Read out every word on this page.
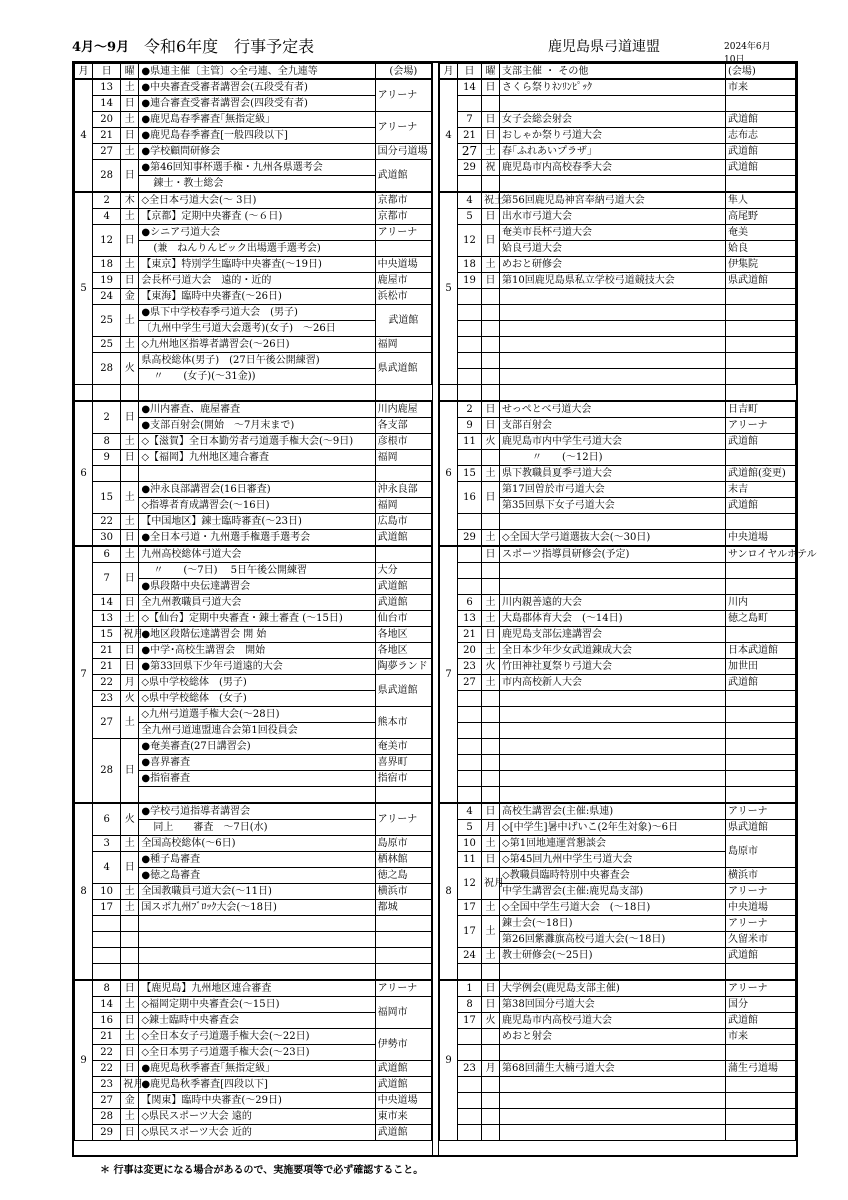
4月～9月 令和6年度　行事予定表	鹿児島県弓道連盟	2024年6月10日
月	日	曜	●県連主催〔主管〕◇全弓連、全九連等	(会場)
4	13	土	●中央審査受審者講習会(五段受有者)	アリーナ
	14	日	●連合審査受審者講習会(四段受有者)	
	20	土	●鹿児島春季審査｢無指定級｣	アリーナ
	21	日	●鹿児島春季審査[一般四段以下]	
	27	土	●学校顧問研修会	国分弓道場
	28	日	●第46回知事杯選手権・九州各県選考会	武道館
			錬士・教士総会	
5	2	木	◇全日本弓道大会(～ 3日)	京都市
	4	土	【京都】定期中央審査 (～６日)	京都市
	12	日	●シニア弓道大会	アリーナ
			(兼　ねんりんピック出場選手選考会)	
	18	土	【東京】特別学生臨時中央審査(～19日)	中央道場
	19	日	会長杯弓道大会　遠的・近的	鹿屋市
	24	金	【東海】臨時中央審査(～26日)	浜松市
	25	土	●県下中学校春季弓道大会　(男子)	武道館
			〔九州中学生弓道大会選考)(女子)　～26日	
	25	土	◇九州地区指導者講習会(～26日)	福岡
	28	火	県高校総体(男子)　(27日午後公開練習)	県武道館
			〃　　(女子)(～31金))	

6	2	日	●川内審査、鹿屋審査	川内鹿屋
			●支部百射会(開始　～7月末まで)	各支部
	8	土	◇【滋賀】全日本勤労者弓道選手権大会(～9日)	彦根市
	9	日	◇【福岡】九州地区連合審査	福岡

	15	土	●沖永良部講習会(16日審査)	沖永良部
			◇指導者育成講習会(～16日)	福岡
	22	土	【中国地区】錬士臨時審査(～23日)	広島市
	30	日	●全日本弓道・九州選手権選手選考会	武道館
7	6	土	九州高校総体弓道大会	
	7	日	〃　　(～7日)　 5日午後公開練習	大分
			●県段階中央伝達講習会	武道館
	14	日	全九州教職員弓道大会	武道館
	13	土	◇【仙台】定期中央審査・錬士審査 (～15日)	仙台市
	15	祝月	●地区段階伝達講習会 開 始	各地区
	21	日	●中学･高校生講習会　開始	各地区
	21	日	●第33回県下少年弓道遠的大会	陶夢ランド
	22	月	◇県中学校総体　(男子)	県武道館
	23	火	◇県中学校総体　(女子)	
	27	土	◇九州弓道選手権大会(～28日)	熊本市
			全九州弓道連盟連合会第1回役員会	
	28	日	●奄美審査(27日講習会)	奄美市
			●喜界審査	喜界町
			●指宿審査	指宿市

8	6	火	●学校弓道指導者講習会	アリーナ
			同上　　審査　～7日(水)	
	3	土	全国高校総体(～6日)	島原市
	4	日	●種子島審査	栖林館
			●徳之島審査	徳之島
	10	土	全国教職員弓道大会(～11日)	横浜市
	17	土	国スポ九州ﾌﾞﾛｯｸ大会(～18日)	都城

9	8	日	【鹿児島】九州地区連合審査	アリーナ
	14	土	◇福岡定期中央審査会(～15日)	福岡市
	16	日	◇錬士臨時中央審査会	
	21	土	◇全日本女子弓道選手権大会(～22日)	伊勢市
	22	日	◇全日本男子弓道選手権大会(～23日)	
	22	日	●鹿児島秋季審査｢無指定級｣	武道館
	23	祝月	●鹿児島秋季審査[四段以下]	武道館
	27	金	【関東】臨時中央審査(～29日)	中央道場
	28	土	◇県民スポーツ大会 遠的	東市来
	29	日	◇県民スポーツ大会 近的	武道館
月	日	曜	支部主催 ・ その他	(会場)
4	14	日	さくら祭りﾈﾝﾘﾝﾋﾟｯｸ	市来

	7	日	女子会総会射会	武道館
	21	日	おしゃか祭り弓道大会	志布志
	27	土	春｢ふれあいプラザ｣	武道館
	29	祝	鹿児島市内高校春季大会	武道館

5	4	祝土	第56回鹿児島神宮奉納弓道大会	隼人
	5	日	出水市弓道大会	高尾野
	12	日	奄美市長杯弓道大会	奄美
			姶良弓道大会	姶良
	18	土	めおと研修会	伊集院
	19	日	第10回鹿児島県私立学校弓道競技大会	県武道館

6	2	日	せっぺとべ弓道大会	日吉町
	9	日	支部百射会	アリーナ
	11	火	鹿児島市内中学生弓道大会	武道館
			〃　　(～12日)	
	15	土	県下教職員夏季弓道大会	武道館(変更)
	16	日	第17回曽於市弓道大会	末吉
			第35回県下女子弓道大会	武道館

	29	土	◇全国大学弓道選抜大会(～30日)	中央道場
7		日	スポーツ指導員研修会(予定)	サンロイヤルホテル

	6	土	川内親善遠的大会	川内
	13	土	大島郡体育大会　(～14日)	徳之島町
	21	日	鹿児島支部伝達講習会	
	20	土	全日本少年少女武道錬成大会	日本武道館
	23	火	竹田神社夏祭り弓道大会	加世田
	27	土	市内高校新人大会	武道館

8	4	日	高校生講習会(主催:県連)	アリーナ
	5	月	◇[中学生]暑中げいこ(2年生対象)～6日	県武道館
	10	土	◇第1回地連運営懇談会	島原市
	11	日	◇第45回九州中学生弓道大会	
	12	祝月	◇教職員臨時特別中央審査会	横浜市
			中学生講習会(主催:鹿児島支部)	アリーナ
	17	土	◇全国中学生弓道大会　(～18日)	中央道場
	17	土	錬士会(～18日)	アリーナ
			第26回紫灘旗高校弓道大会(～18日)	久留米市
	24	土	教士研修会(～25日)	武道館

9	1	日	大学例会(鹿児島支部主催)	アリーナ
	8	日	第38回国分弓道大会	国分
	17	火	鹿児島市内高校弓道大会	武道館
			めおと射会	市来

	23	月	第68回蒲生大楠弓道大会	蒲生弓道場

＊ 行事は変更になる場合があるので、実施要項等で必ず確認すること。
